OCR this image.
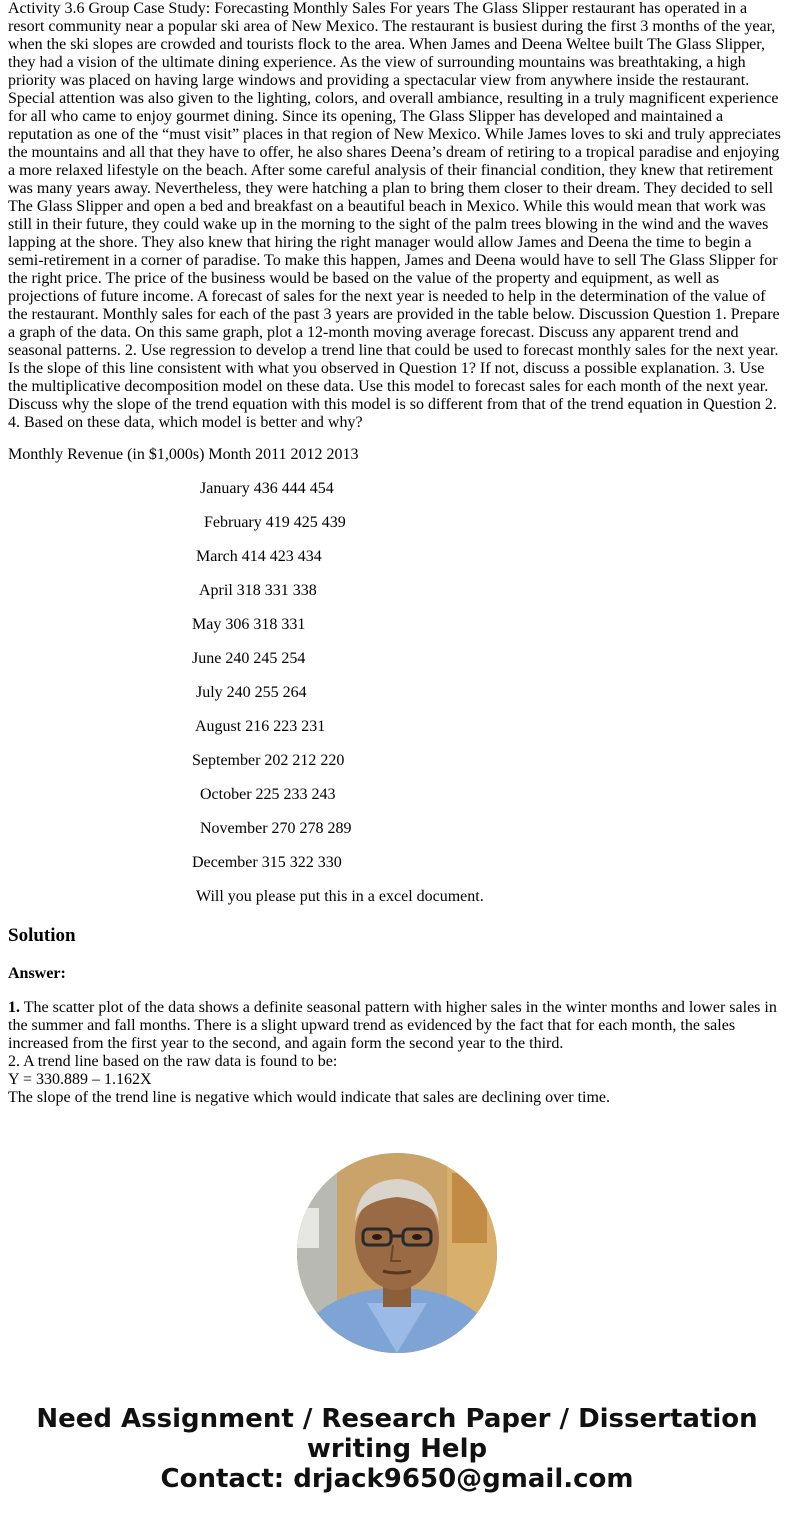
Activity 3.6 Group Case Study: Forecasting Monthly Sales For years The Glass Slipper restaurant has operated in a resort community near a popular ski area of New Mexico. The restaurant is busiest during the first 3 months of the year, when the ski slopes are crowded and tourists flock to the area. When James and Deena Weltee built The Glass Slipper, they had a vision of the ultimate dining experience. As the view of surrounding mountains was breathtaking, a high priority was placed on having large windows and providing a spectacular view from anywhere inside the restaurant. Special attention was also given to the lighting, colors, and overall ambiance, resulting in a truly magnificent experience for all who came to enjoy gourmet dining. Since its opening, The Glass Slipper has developed and maintained a reputation as one of the “must visit” places in that region of New Mexico. While James loves to ski and truly appreciates the mountains and all that they have to offer, he also shares Deena’s dream of retiring to a tropical paradise and enjoying a more relaxed lifestyle on the beach. After some careful analysis of their financial condition, they knew that retirement was many years away. Nevertheless, they were hatching a plan to bring them closer to their dream. They decided to sell The Glass Slipper and open a bed and breakfast on a beautiful beach in Mexico. While this would mean that work was still in their future, they could wake up in the morning to the sight of the palm trees blowing in the wind and the waves lapping at the shore. They also knew that hiring the right manager would allow James and Deena the time to begin a semi-retirement in a corner of paradise. To make this happen, James and Deena would have to sell The Glass Slipper for the right price. The price of the business would be based on the value of the property and equipment, as well as projections of future income. A forecast of sales for the next year is needed to help in the determination of the value of the restaurant. Monthly sales for each of the past 3 years are provided in the table below. Discussion Question 1. Prepare a graph of the data. On this same graph, plot a 12-month moving average forecast. Discuss any apparent trend and seasonal patterns. 2. Use regression to develop a trend line that could be used to forecast monthly sales for the next year. Is the slope of this line consistent with what you observed in Question 1? If not, discuss a possible explanation. 3. Use the multiplicative decomposition model on these data. Use this model to forecast sales for each month of the next year. Discuss why the slope of the trend equation with this model is so different from that of the trend equation in Question 2. 4. Based on these data, which model is better and why?

Monthly Revenue (in $1,000s) Month 2011 2012 2013

January 436 444 454

February 419 425 439

March 414 423 434

April 318 331 338

May 306 318 331

June 240 245 254

July 240 255 264

August 216 223 231

September 202 212 220

October 225 233 243

November 270 278 289

December 315 322 330

Will you please put this in a excel document.

Solution

Answer:

1. The scatter plot of the data shows a definite seasonal pattern with higher sales in the winter months and lower sales in the summer and fall months. There is a slight upward trend as evidenced by the fact that for each month, the sales increased from the first year to the second, and again form the second year to the third.
2. A trend line based on the raw data is found to be:
Y = 330.889 – 1.162X
The slope of the trend line is negative which would indicate that sales are declining over time.
Need Assignment / Research Paper / Dissertation
writing Help
Contact: drjack9650@gmail.com
